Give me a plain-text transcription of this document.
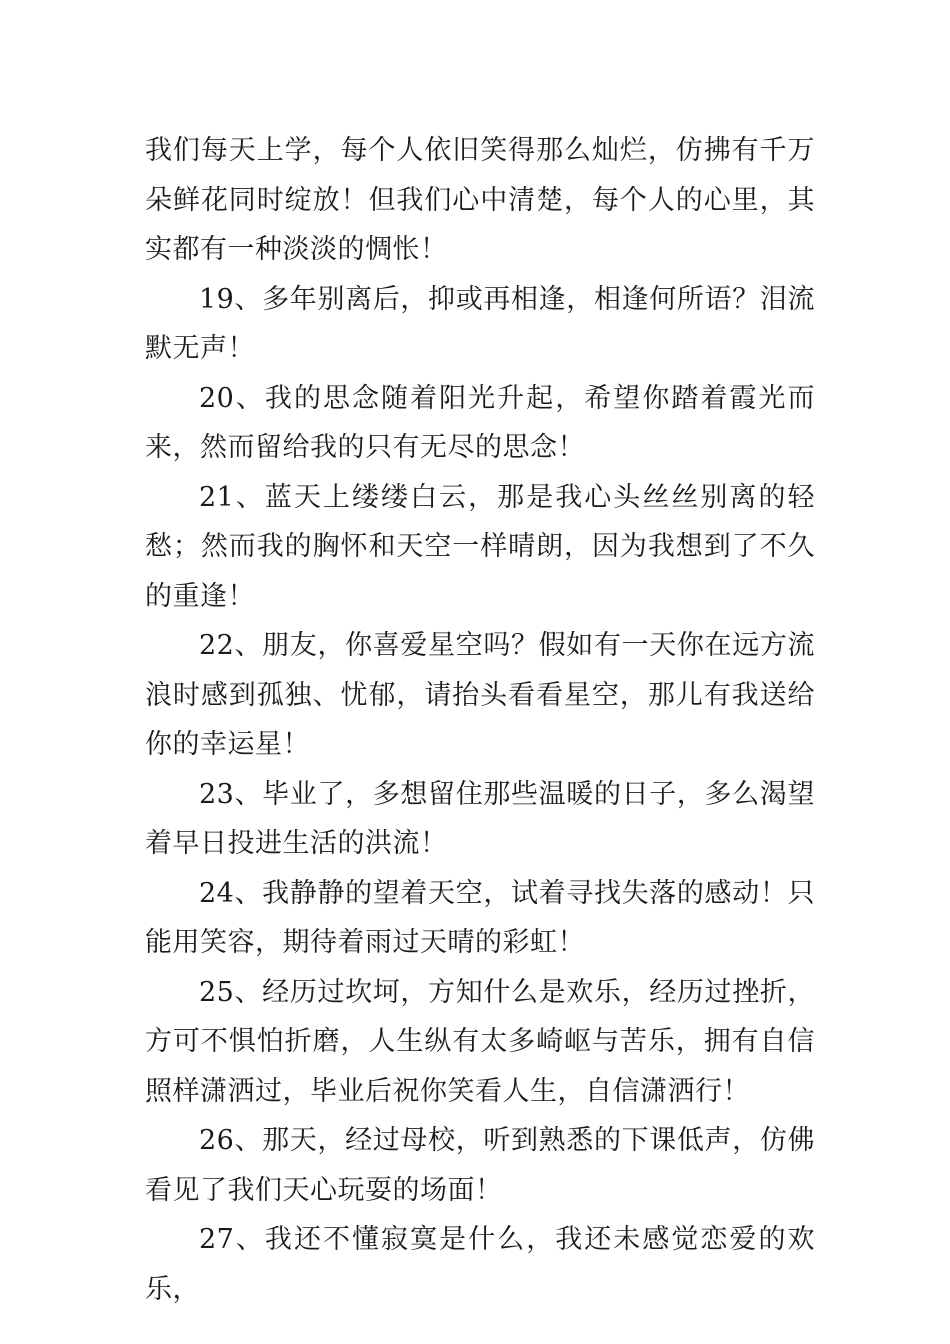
我们每天上学，每个人依旧笑得那么灿烂，仿拂有千万朵鲜花同时绽放！但我们心中清楚，每个人的心里，其实都有一种淡淡的惆怅！

19、多年别离后，抑或再相逢，相逢何所语？泪流默无声！

20、我的思念随着阳光升起，希望你踏着霞光而来，然而留给我的只有无尽的思念！

21、蓝天上缕缕白云，那是我心头丝丝别离的轻愁；然而我的胸怀和天空一样晴朗，因为我想到了不久的重逢！

22、朋友，你喜爱星空吗？假如有一天你在远方流浪时感到孤独、忧郁，请抬头看看星空，那儿有我送给你的幸运星！

23、毕业了，多想留住那些温暖的日子，多么渴望着早日投进生活的洪流！

24、我静静的望着天空，试着寻找失落的感动！只能用笑容，期待着雨过天晴的彩虹！

25、经历过坎坷，方知什么是欢乐，经历过挫折，方可不惧怕折磨，人生纵有太多崎岖与苦乐，拥有自信照样潇洒过，毕业后祝你笑看人生，自信潇洒行！

26、那天，经过母校，听到熟悉的下课低声，仿佛看见了我们天心玩耍的场面！

27、我还不懂寂寞是什么，我还未感觉恋爱的欢乐，
